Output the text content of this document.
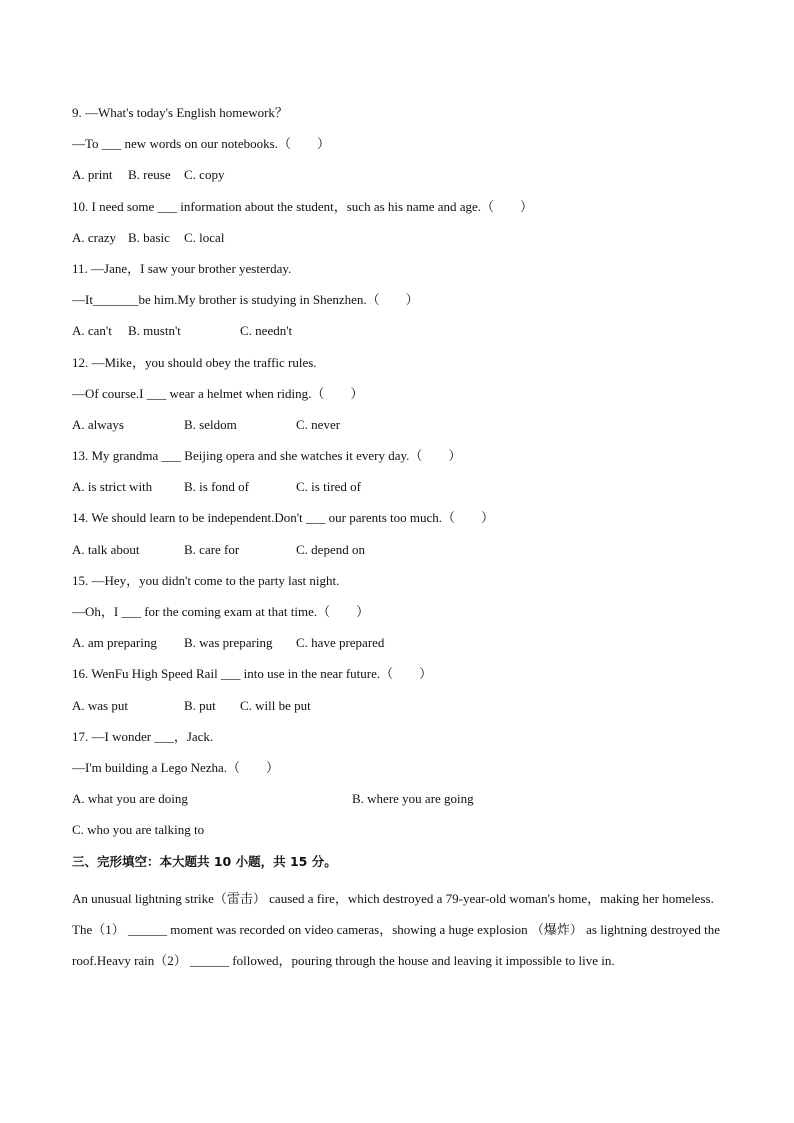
9. —What's today's English homework？
—To ___ new words on our notebooks.（　　）
A. print	B. reuse	C. copy
10. I need some ___ information about the student，such as his name and age.（　　）
A. crazy B. basic	C. local
11. —Jane，I saw your brother yesterday.
—It_______be him.My brother is studying in Shenzhen.（　　）
A. can't	B. mustn't	C. needn't
12. —Mike，you should obey the traffic rules.
—Of course.I ___ wear a helmet when riding.（　　）
A. always	B. seldom	C. never
13. My grandma ___ Beijing opera and she watches it every day.（　　）
A. is strict with	B. is fond of	C. is tired of
14. We should learn to be independent.Don't ___ our parents too much.（　　）
A. talk about	B. care for	C. depend on
15. —Hey，you didn't come to the party last night.
—Oh，I ___ for the coming exam at that time.（　　）
A. am preparing	B. was preparing	C. have prepared
16. WenFu High Speed Rail ___ into use in the near future.（　　）
A. was put	B. put	C. will be put
17. —I wonder ___，Jack.
—I'm building a Lego Nezha.（　　）
A. what you are doing	B. where you are going
C. who you are talking to
三、完形填空：本大题共 10 小题，共 15 分。
An unusual lightning strike（雷击） caused a fire，which destroyed a 79-year-old woman's home，making her homeless.
The（1） ______ moment was recorded on video cameras，showing a huge explosion （爆炸） as lightning destroyed the roof.Heavy rain（2） ______ followed，pouring through the house and leaving it impossible to live in.
